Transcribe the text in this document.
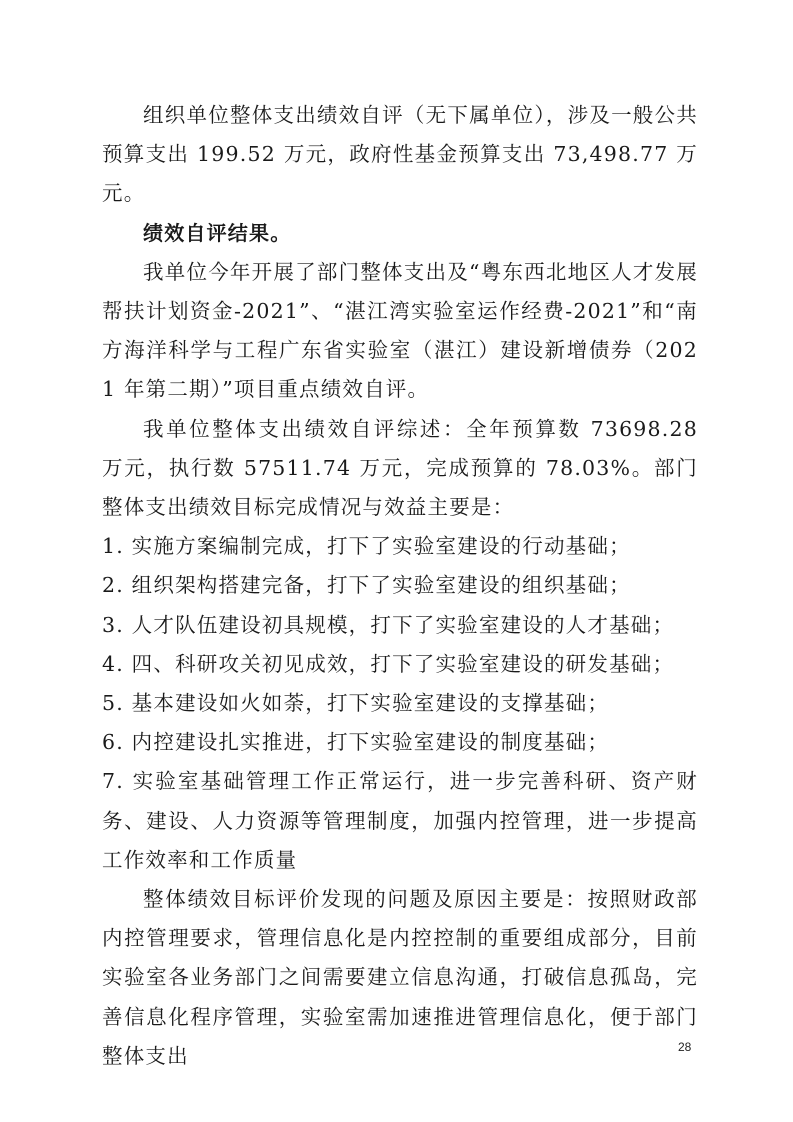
组织单位整体支出绩效自评（无下属单位），涉及一般公共预算支出 199.52 万元，政府性基金预算支出 73,498.77 万元。

绩效自评结果。

我单位今年开展了部门整体支出及“粤东西北地区人才发展帮扶计划资金-2021”、“湛江湾实验室运作经费-2021”和“南方海洋科学与工程广东省实验室（湛江）建设新增债券（2021 年第二期）”项目重点绩效自评。

我单位整体支出绩效自评综述：全年预算数 73698.28 万元，执行数 57511.74 万元，完成预算的 78.03%。部门整体支出绩效目标完成情况与效益主要是：

1. 实施方案编制完成，打下了实验室建设的行动基础；

2. 组织架构搭建完备，打下了实验室建设的组织基础；

3. 人才队伍建设初具规模，打下了实验室建设的人才基础；

4. 四、科研攻关初见成效，打下了实验室建设的研发基础；

5. 基本建设如火如荼，打下实验室建设的支撑基础；

6. 内控建设扎实推进，打下实验室建设的制度基础；

7. 实验室基础管理工作正常运行，进一步完善科研、资产财务、建设、人力资源等管理制度，加强内控管理，进一步提高工作效率和工作质量

整体绩效目标评价发现的问题及原因主要是：按照财政部内控管理要求，管理信息化是内控控制的重要组成部分，目前实验室各业务部门之间需要建立信息沟通，打破信息孤岛，完善信息化程序管理，实验室需加速推进管理信息化，便于部门整体支出	28
